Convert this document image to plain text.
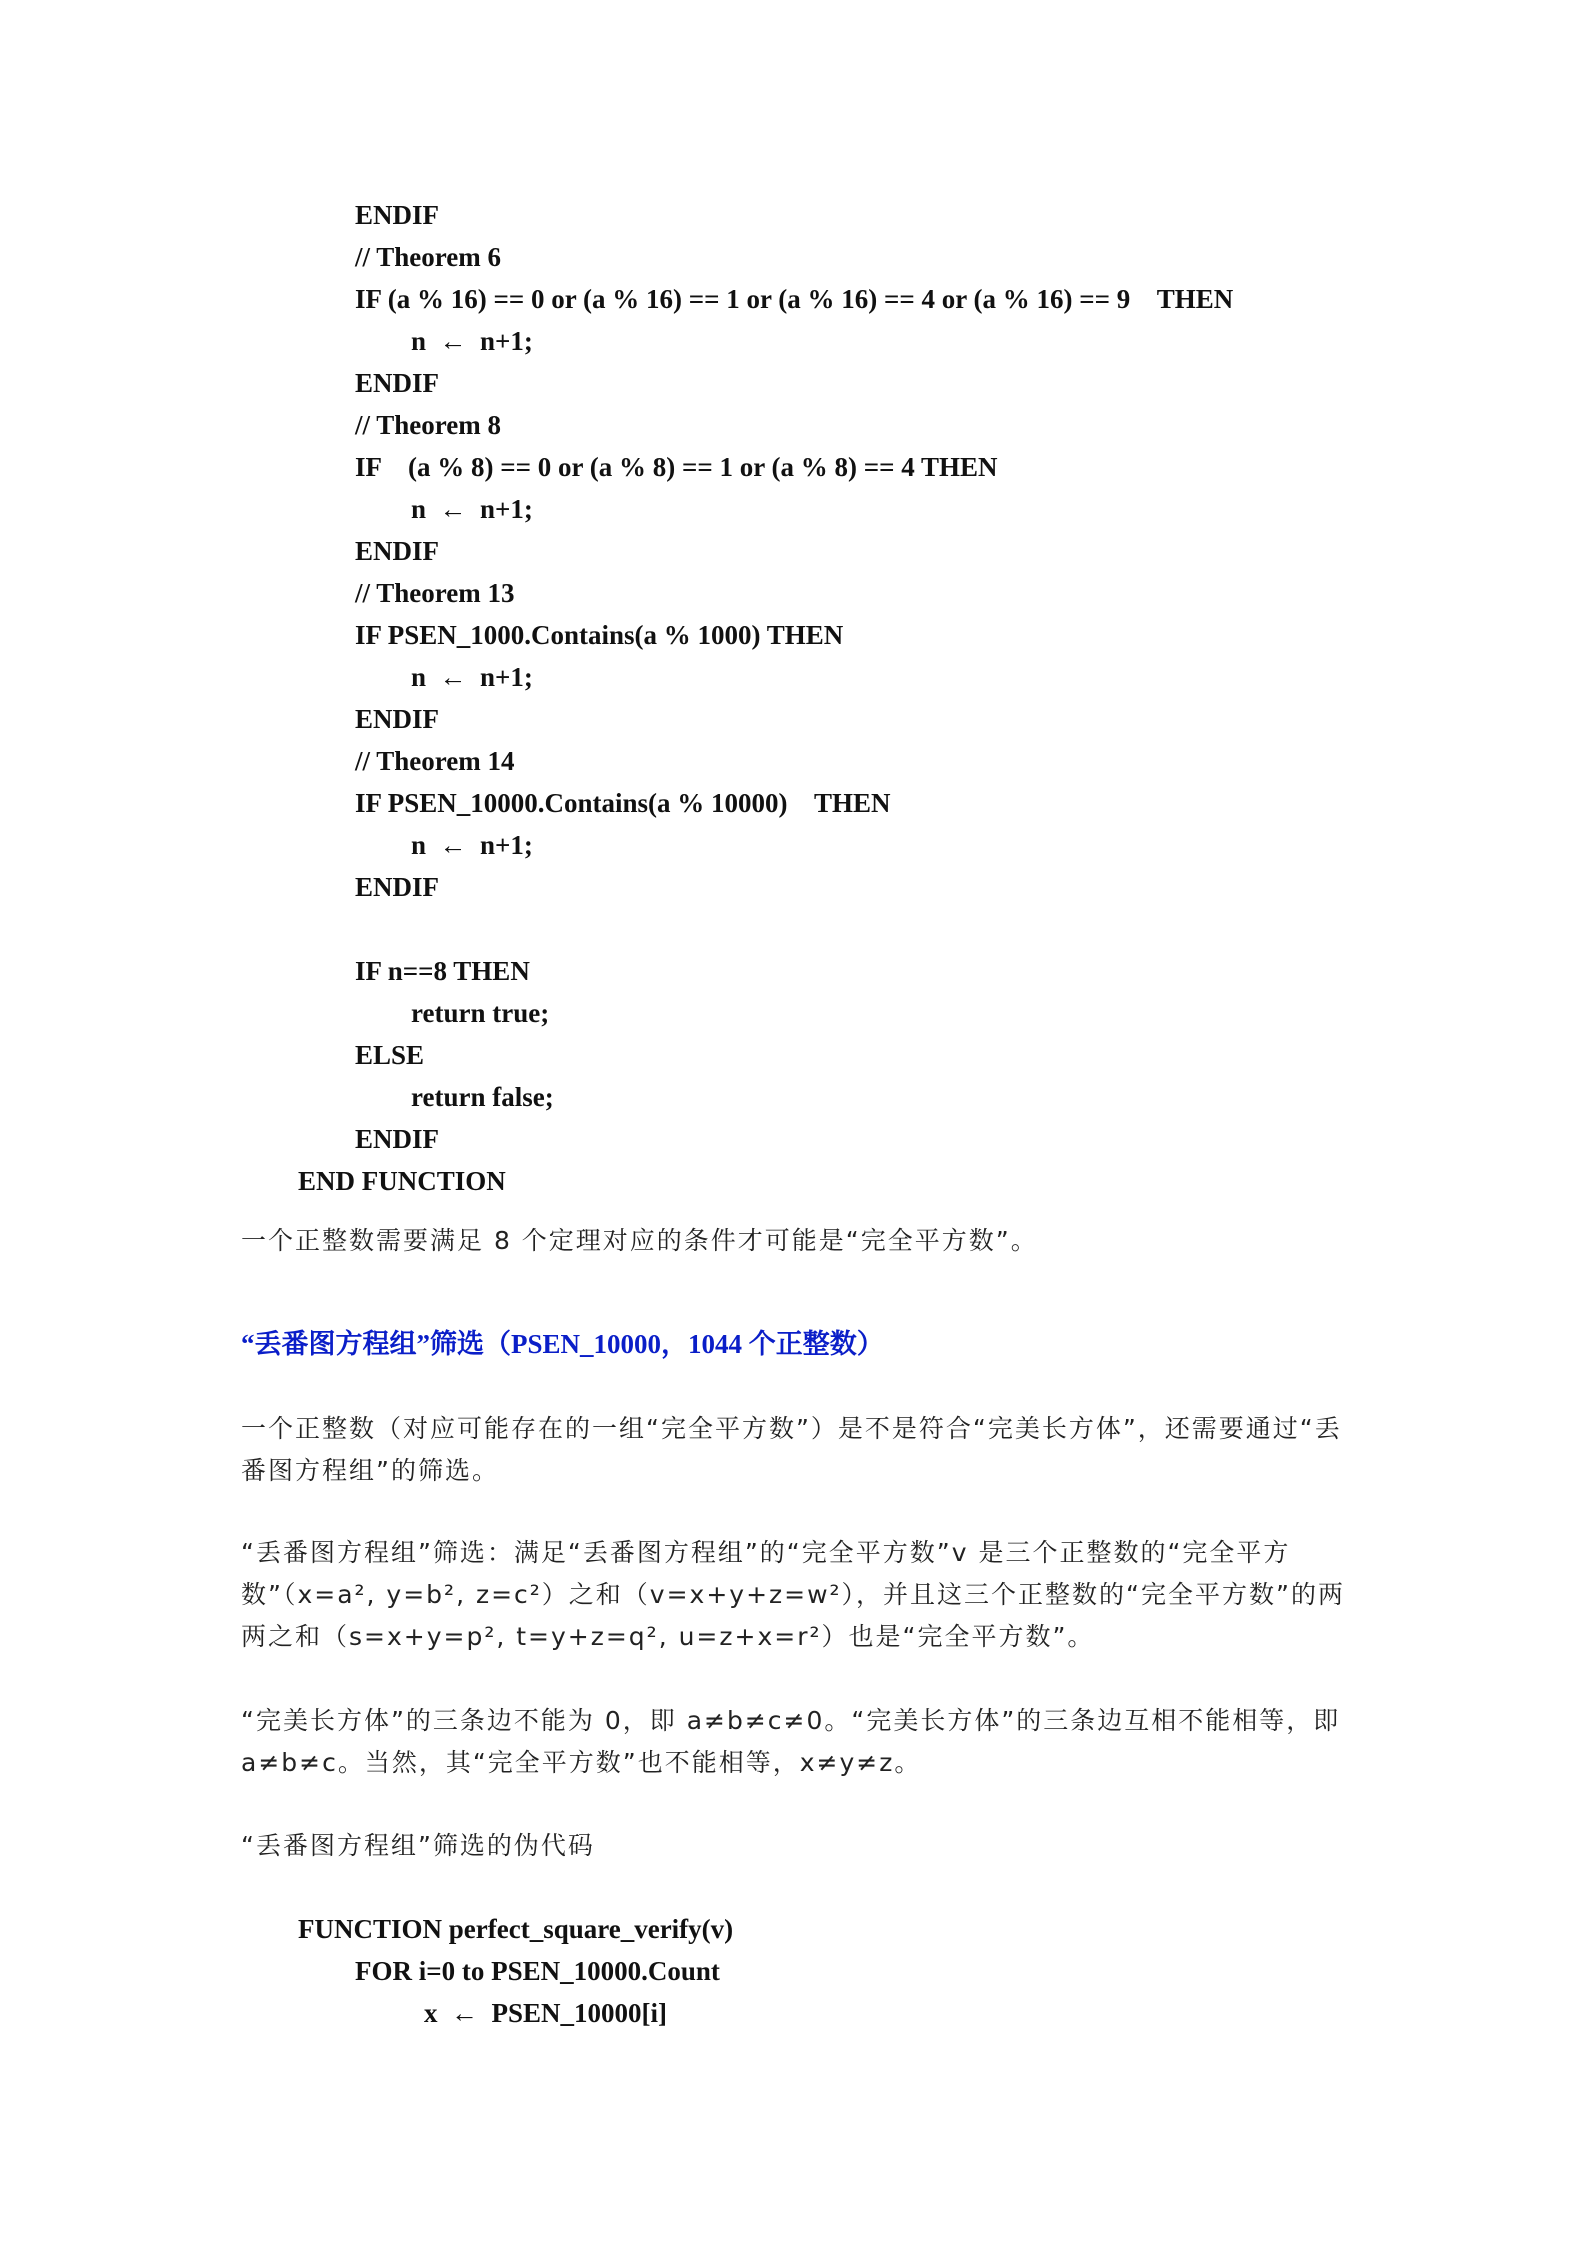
ENDIF
// Theorem 6
IF (a % 16) == 0 or (a % 16) == 1 or (a % 16) == 4 or (a % 16) == 9    THEN
n  ←  n+1;
ENDIF
// Theorem 8
IF    (a % 8) == 0 or (a % 8) == 1 or (a % 8) == 4 THEN
n  ←  n+1;
ENDIF
// Theorem 13
IF PSEN_1000.Contains(a % 1000) THEN
n  ←  n+1;
ENDIF
// Theorem 14
IF PSEN_10000.Contains(a % 10000)    THEN
n  ←  n+1;
ENDIF
IF n==8 THEN
return true;
ELSE
return false;
ENDIF
END FUNCTION

一个正整数需要满足 8 个定理对应的条件才可能是“完全平方数”。

“丢番图方程组”筛选（PSEN_10000，1044 个正整数）

一个正整数（对应可能存在的一组“完全平方数”）是不是符合“完美长方体”，还需要通过“丢番图方程组”的筛选。

“丢番图方程组”筛选：满足“丢番图方程组”的“完全平方数”v 是三个正整数的“完全平方数”（x=a², y=b², z=c²）之和（v=x+y+z=w²），并且这三个正整数的“完全平方数”的两两之和（s=x+y=p², t=y+z=q², u=z+x=r²）也是“完全平方数”。

“完美长方体”的三条边不能为 0，即 a≠b≠c≠0。“完美长方体”的三条边互相不能相等，即 a≠b≠c。当然，其“完全平方数”也不能相等，x≠y≠z。

“丢番图方程组”筛选的伪代码

FUNCTION perfect_square_verify(v)
FOR i=0 to PSEN_10000.Count
x  ←  PSEN_10000[i]
